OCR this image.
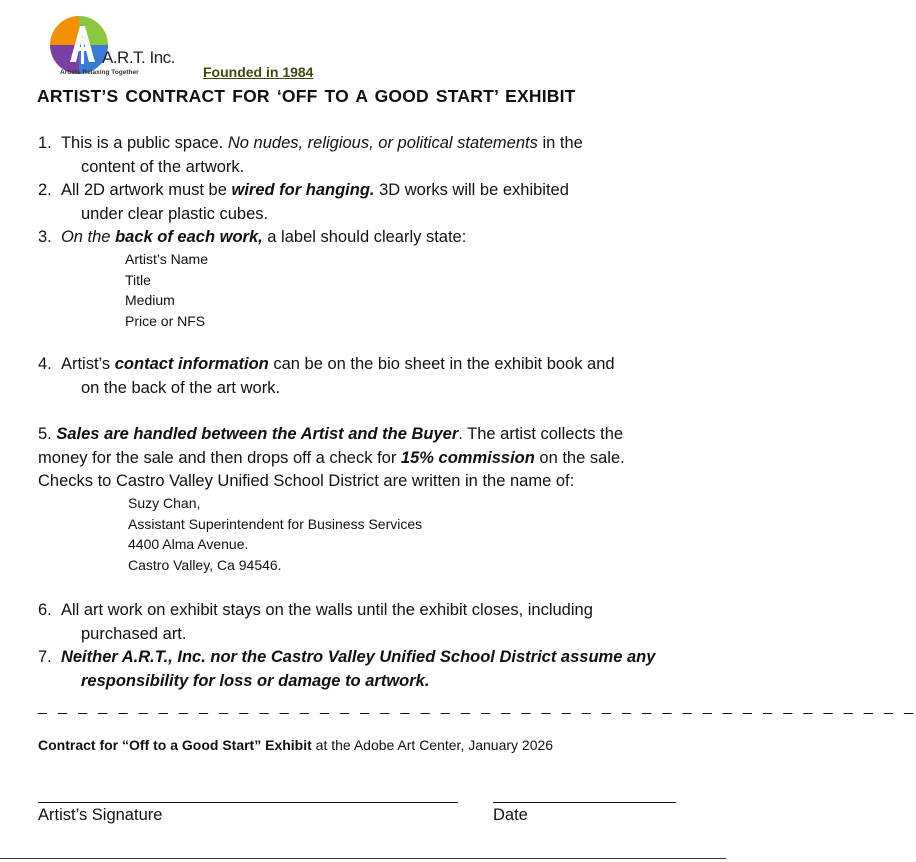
A.R.T. Inc.
Artists Relaxing Together	Founded in 1984
ARTIST’S CONTRACT FOR ‘OFF TO A GOOD START’ EXHIBIT
1. This is a public space. No nudes, religious, or political statements in the
content of the artwork.
2. All 2D artwork must be wired for hanging. 3D works will be exhibited
under clear plastic cubes.
3. On the back of each work, a label should clearly state:
Artist’s Name
Title
Medium
Price or NFS
4. Artist’s contact information can be on the bio sheet in the exhibit book and
on the back of the art work.
5. Sales are handled between the Artist and the Buyer. The artist collects the
money for the sale and then drops off a check for 15% commission on the sale.
Checks to Castro Valley Unified School District are written in the name of:
Suzy Chan,
Assistant Superintendent for Business Services
4400 Alma Avenue.
Castro Valley, Ca 94546.
6. All art work on exhibit stays on the walls until the exhibit closes, including
purchased art.
7. Neither A.R.T., Inc. nor the Castro Valley Unified School District assume any
responsibility for loss or damage to artwork.
_ _ _ _ _ _ _ _ _ _ _ _ _ _ _ _ _ _ _ _ _ _ _ _ _ _ _ _ _ _ _ _ _ _ _ _ _ _ _ _ _ _ _ _
Contract for “Off to a Good Start” Exhibit at the Adobe Art Center, January 2026
Artist’s Signature	Date
